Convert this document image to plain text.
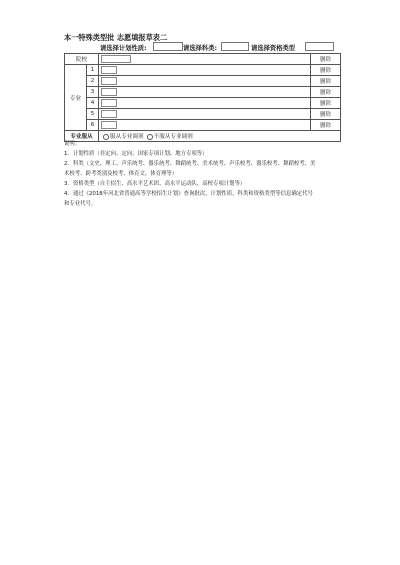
本一特殊类型批 志愿填报草表二
请选择计划性质:	请选择科类:	请选择资格类型
院校			删除
专业	1		删除
	2		删除
	3		删除
	4		删除
	5		删除
	6		删除
专业服从		服从专业调剂 不服从专业调剂	
说明：
1．计划性质（非定向、定向、国家专项计划、地方专项等）
2．科类（文史、理工、声乐统考、器乐统考、舞蹈统考、美术统考、声乐校考、器乐校考、舞蹈校考、美
术校考、跨考类别及校考、体育文、体育理等）
3．资格类型（自主招生、高水平艺术团、高水平运动队、高校专项计划等）
4．通过《2018年河北省普通高等学校招生计划》查询批次、计划性质、科类和资格类型等信息确定代号
和专业代号。
